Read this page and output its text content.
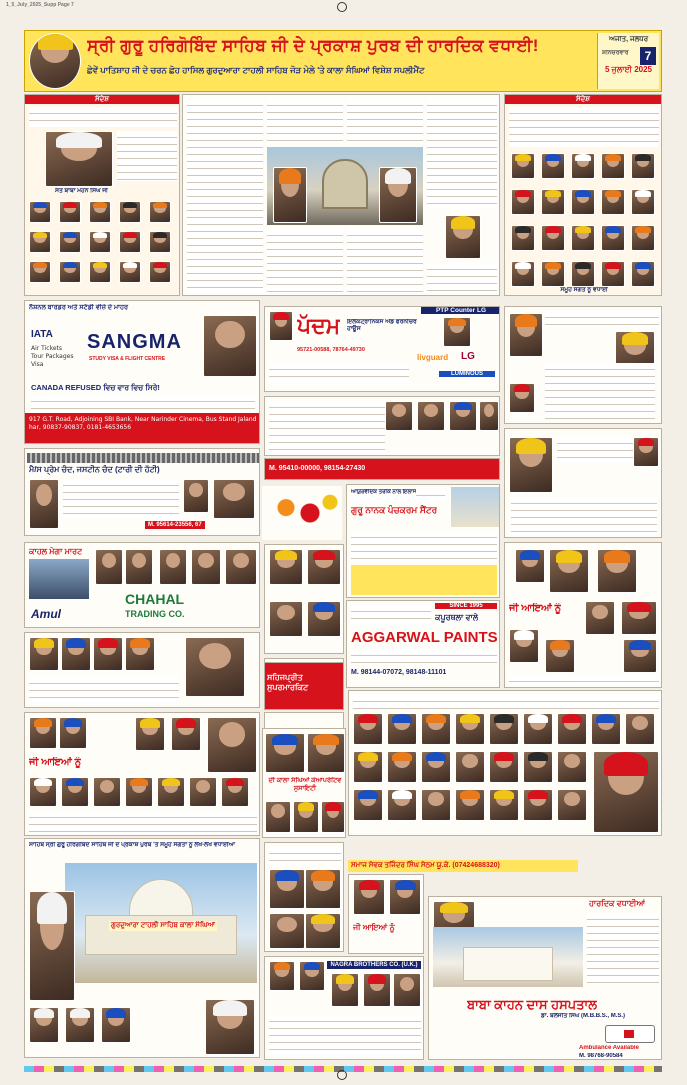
ਸ੍ਰੀ ਗੁਰੂ ਹਰਿਗੋਬਿੰਦ ਸਾਹਿਬ ਜੀ ਦੇ ਪ੍ਰਕਾਸ਼ ਪੁਰਬ ਦੀ ਹਾਰਦਿਕ ਵਧਾਈ!
ਛੇਵੇਂ ਪਾਤਿਸ਼ਾਹ ਜੀ ਦੇ ਚਰਨ ਛੋਹ ਹਾਸਿਲ ਗੁਰਦੁਆਰਾ ਟਾਹਲੀ ਸਾਹਿਬ ਜੋੜ ਮੇਲੇ 'ਤੇ ਕਾਲਾ ਸੰਘਿਆਂ ਵਿਸ਼ੇਸ਼ ਸਪਲੀਮੈਂਟ
ਅਜੀਤ, ਜਲੰਧਰ
ਸ਼ਨਿਚਰਵਾਰ	7
5 ਜੁਲਾਈ 2025
ਸੰਦੇਸ਼
ਸੰਤ ਬਾਬਾ ਮੋਹਨ ਸਿੰਘ ਜੀ
ਸੰਦੇਸ਼
ਸਮੂਹ ਸੰਗਤ ਨੂੰ ਵਧਾਈ
ਨੈਸ਼ਨਲ ਬਾਰਡਰ ਅਤੇ ਸਟੱਡੀ ਵੀਜ਼ੇ ਦੇ ਮਾਹਰ
IATA
Air Tickets
Tour Packages
Visa
SANGMA
STUDY VISA & FLIGHT CENTRE
CANADA REFUSED ਵਿਚ ਵਾਰ ਵਿਚ ਸਿਰੇ!
917 G.T. Road, Adjoining SBI Bank, Near Narinder Cinema, Bus Stand Jalandhar, 90837-90837, 0181-4653656
ਪੱਦਮ ਇਲੈਕਟ੍ਰਾਨਿਕਸ ਐਂਡ ਫਰਨੀਚਰ ਹਾਊਸ
95721-00588, 78764-49730
PTP Counter LG
livguard LG
LUMINOUS
M. 95410-00000, 98154-27430
ਮੈ/ਸ ਪ੍ਰੇਮ ਚੰਦ, ਜਸਟੀਨ ਚੰਦ (ਟਾਰੀ ਦੀ ਹੱਟੀ)
M. 95614-23556, 67
ਆਯੁਰਵੈਦਿਕ ਤਰੀਕੇ ਨਾਲ ਇਲਾਜ
ਗੁਰੂ ਨਾਨਕ ਪੰਚਕਰਮ ਸੈਂਟਰ
ਕਾਹਲ ਮੇਗਾ ਮਾਰਟ
Amul
CHAHAL
TRADING CO.
SINCE 1995
ਕਪੂਰਥਲਾ ਵਾਲੇ
AGGARWAL PAINTS
M. 98144-07072, 98148-11101
ਜੀ ਆਇਆਂ ਨੂੰ
ਸਹਿਜਪ੍ਰੀਤ ਸੁਪਰਮਾਰਕਿਟ
ਜੀ ਆਇਆਂ ਨੂੰ
ਦੀ ਕਾਲਾ ਸੰਘਿਆਂ ਕੋਆਪਰੇਟਿਵ ਸੁਸਾਇਟੀ
ਸਮਾਜ ਸੇਵਕ ਤਜਿੰਦਰ ਸਿੰਘ ਸੇਠਮ ਯੂ.ਕੇ. (07424688320)
ਸਾਹਿਬ ਸ੍ਰੀ ਗੁਰੂ ਹਰਿਗੋਬਿੰਦ ਸਾਹਿਬ ਜੀ ਦੇ ਪ੍ਰਕਾਸ਼ ਪੁਰਬ 'ਤੇ ਸਮੂਹ ਸੰਗਤਾਂ ਨੂੰ ਲੱਖ-ਲੱਖ ਵਧਾਈਆਂ
ਗੁਰਦੁਆਰਾ ਟਾਹਲੀ ਸਾਹਿਬ ਕਾਲਾ ਸੰਘਿਆਂ	ਜੀ ਆਇਆਂ ਨੂੰ
NAGRA BROTHERS CO. (U.K.)
ਹਾਰਦਿਕ ਵਧਾਈਆਂ
ਬਾਬਾ ਕਾਹਨ ਦਾਸ ਹਸਪਤਾਲ
ਡਾ. ਬਲਜੀਤ ਸਿੰਘ (M.B.B.S., M.S.)
Ambulance Available
M. 98768-90584
1_5_July_2025_Supp Page 7
